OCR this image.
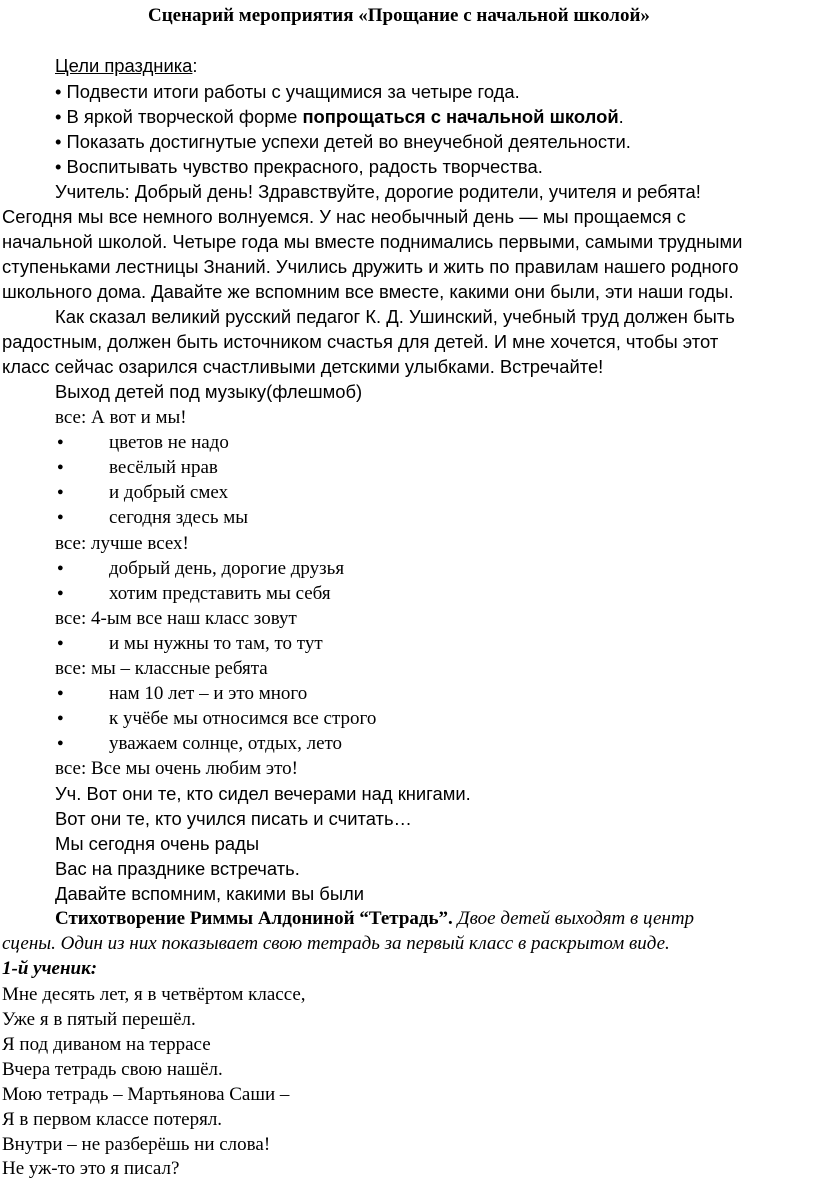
Сценарий мероприятия «Прощание с начальной школой»
Цели праздника:
• Подвести итоги работы с учащимися за четыре года.
• В яркой творческой форме попрощаться с начальной школой.
• Показать достигнутые успехи детей во внеучебной деятельности.
• Воспитывать чувство прекрасного, радость творчества.
Учитель: Добрый день! Здравствуйте, дорогие родители, учителя и ребята!
Сегодня мы все немного волнуемся. У нас необычный день — мы прощаемся с
начальной школой. Четыре года мы вместе поднимались первыми, самыми трудными
ступеньками лестницы Знаний. Учились дружить и жить по правилам нашего родного
школьного дома. Давайте же вспомним все вместе, какими они были, эти наши годы.
Как сказал великий русский педагог К. Д. Ушинский, учебный труд должен быть
радостным, должен быть источником счастья для детей. И мне хочется, чтобы этот
класс сейчас озарился счастливыми детскими улыбками. Встречайте!
Выход детей под музыку(флешмоб)
все: А вот и мы!
● цветов не надо
● весёлый нрав
● и добрый смех
● сегодня здесь мы
все: лучше всех!
● добрый день, дорогие друзья
● хотим представить мы себя
все: 4-ым все наш класс зовут
● и мы нужны то там, то тут
все: мы – классные ребята
● нам 10 лет – и это много
● к учёбе мы относимся все строго
● уважаем солнце, отдых, лето
все: Все мы очень любим это!
Уч. Вот они те, кто сидел вечерами над книгами.
Вот они те, кто учился писать и считать…
Мы сегодня очень рады
Вас на празднике встречать.
Давайте вспомним, какими вы были
Стихотворение Риммы Алдониной “Тетрадь”. Двое детей выходят в центр
сцены. Один из них показывает свою тетрадь за первый класс в раскрытом виде.
1-й ученик:
Мне десять лет, я в четвёртом классе,
Уже я в пятый перешёл.
Я под диваном на террасе
Вчера тетрадь свою нашёл.
Мою тетрадь – Мартьянова Саши –
Я в первом классе потерял.
Внутри – не разберёшь ни слова!
Не уж-то это я писал?
